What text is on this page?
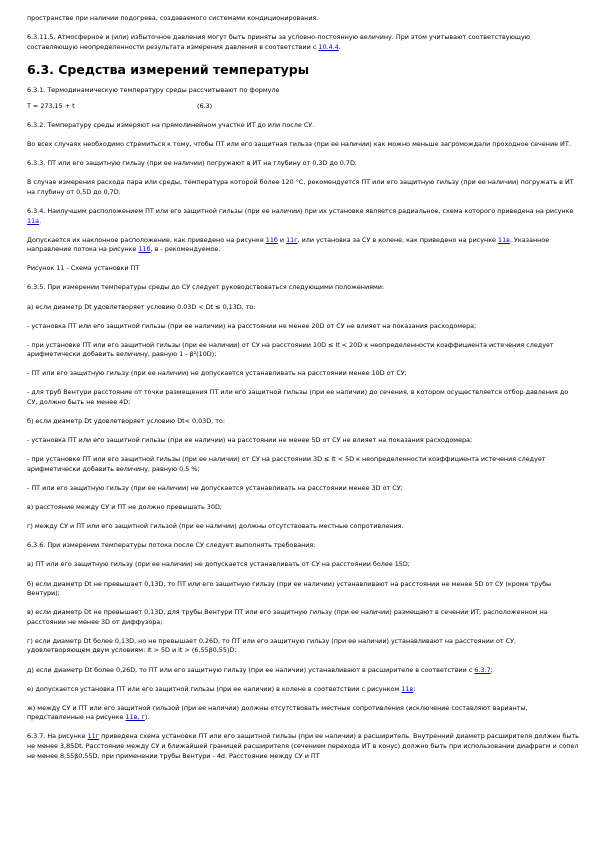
пространстве при наличии подогрева, создаваемого системами кондиционирования.

6.3.11.5. Атмосферное и (или) избыточное давления могут быть приняты за условно-постоянную величину. При этом учитывают соответствующую составляющую неопределенности результата измерения давления в соответствии с 10.4.4.

6.3. Средства измерений температуры

6.3.1. Термодинамическую температуру среды рассчитывают по формуле

T = 273,15 + t	(6.3)

6.3.2. Температуру среды измеряют на прямолинейном участке ИТ до или после СУ.

Во всех случаях необходимо стремиться к тому, чтобы ПТ или его защитная гильза (при ее наличии) как можно меньше загромождали проходное сечение ИТ.

6.3.3. ПТ или его защитную гильзу (при ее наличии) погружают в ИТ на глубину от 0,3D до 0,7D.

В случае измерения расхода пара или среды, температура которой более 120 °С, рекомендуется ПТ или его защитную гильзу (при ее наличии) погружать в ИТ на глубину от 0,5D до 0,7D.

6.3.4. Наилучшим расположением ПТ или его защитной гильзы (при ее наличии) при их установке является радиальное, схема которого приведена на рисунке 11а.

Допускается их наклонное расположение, как приведено на рисунке 11б и 11г, или установка за СУ в колене, как приведено на рисунке 11в. Указанное направление потока на рисунке 11б, в - рекомендуемое.

Рисунок 11 - Схема установки ПТ

6.3.5. При измерении температуры среды до СУ следует руководствоваться следующими положениями:

а) если диаметр Dt удовлетворяет условию 0,03D < Dt ≤ 0,13D, то:

- установка ПТ или его защитной гильзы (при ее наличии) на расстоянии не менее 20D от СУ не влияет на показания расходомера;

- при установке ПТ или его защитной гильзы (при ее наличии) от СУ на расстоянии 10D ≤ lt < 20D к неопределенности коэффициента истечения следует арифметически добавить величину, равную 1 - β²(10D);

- ПТ или его защитную гильзу (при ее наличии) не допускается устанавливать на расстоянии менее 10D от СУ;

- для труб Вентури расстояние от точки размещения ПТ или его защитной гильзы (при ее наличии) до сечения, в котором осуществляется отбор давления до СУ, должно быть не менее 4D;

б) если диаметр Dt удовлетворяет условию Dt< 0,03D, то:

- установка ПТ или его защитной гильзы (при ее наличии) на расстоянии не менее 5D от СУ не влияет на показания расходомера;

- при установке ПТ или его защитной гильзы (при ее наличии) от СУ на расстоянии 3D ≤ lt < 5D к неопределенности коэффициента истечения следует арифметически добавить величину, равную 0,5 %;

- ПТ или его защитную гильзу (при ее наличии) не допускается устанавливать на расстоянии менее 3D от СУ;

в) расстояние между СУ и ПТ не должно превышать 30D;

г) между СУ и ПТ или его защитной гильзой (при ее наличии) должны отсутствовать местные сопротивления.

6.3.6. При измерении температуры потока после СУ следует выполнять требования:

а) ПТ или его защитную гильзу (при ее наличии) не допускается устанавливать от СУ на расстоянии более 15D;

б) если диаметр Dt не превышает 0,13D, то ПТ или его защитную гильзу (при ее наличии) устанавливают на расстоянии не менее 5D от СУ (кроме трубы Вентури);

в) если диаметр Dt не превышает 0,13D, для трубы Вентури ПТ или его защитную гильзу (при ее наличии) размещают в сечении ИТ, расположенном на расстоянии не менее 3D от диффузора;

г) если диаметр Dt более 0,13D, но не превышает 0,26D, то ПТ или его защитную гильзу (при ее наличии) устанавливают на расстоянии от СУ, удовлетворяющем двум условиям: lt > 5D и lt > (6,55β0,55)D;

д) если диаметр Dt более 0,26D, то ПТ или его защитную гильзу (при ее наличии) устанавливают в расширителе в соответствии с 6.3.7;

е) допускается установка ПТ или его защитной гильзы (при ее наличии) в колене в соответствии с рисунком 11в;

ж) между СУ и ПТ или его защитной гильзой (при ее наличии) должны отсутствовать местные сопротивления (исключение составляют варианты, представленные на рисунке 11в, г).

6.3.7. На рисунке 11г приведена схема установки ПТ или его защитной гильзы (при ее наличии) в расширитель. Внутренний диаметр расширителя должен быть не менее 3,85Dt. Расстояние между СУ и ближайшей границей расширителя (сечением перехода ИТ в конус) должно быть при использовании диафрагм и сопел не менее 8,55β0,55D, при применении трубы Вентури - 4d. Расстояние между СУ и ПТ
